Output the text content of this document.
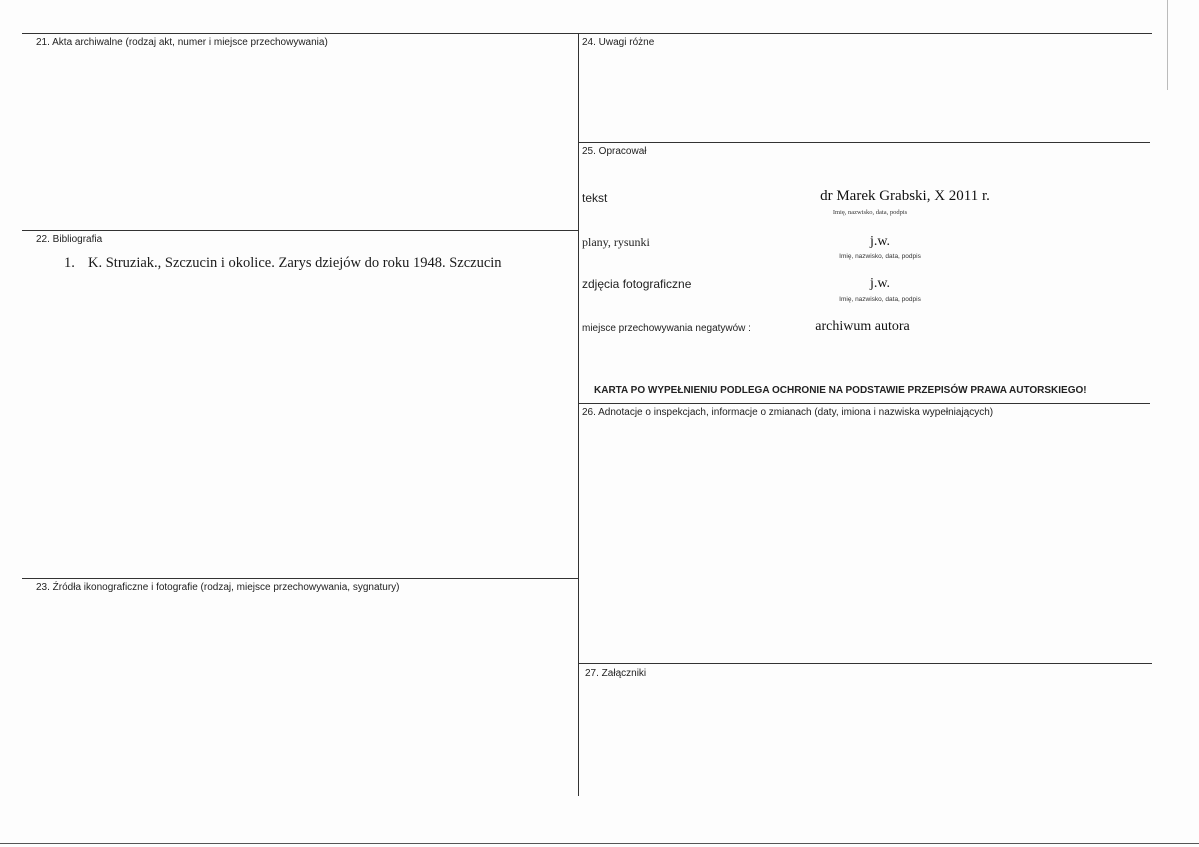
21. Akta archiwalne (rodzaj akt, numer i miejsce przechowywania)
22. Bibliografia
1. K. Struziak., Szczucin i okolice. Zarys dziejów do roku 1948. Szczucin
23. Źródła ikonograficzne i fotografie (rodzaj, miejsce przechowywania, sygnatury)
24. Uwagi różne
25. Opracował
tekst	dr Marek Grabski, X 2011 r.
Imię, nazwisko, data, podpis
plany, rysunki	j.w.
Imię, nazwisko, data, podpis
zdjęcia fotograficzne	j.w.
Imię, nazwisko, data, podpis
miejsce przechowywania negatywów :	archiwum autora
KARTA PO WYPEŁNIENIU PODLEGA OCHRONIE NA PODSTAWIE PRZEPISÓW PRAWA AUTORSKIEGO!
26. Adnotacje o inspekcjach, informacje o zmianach (daty, imiona i nazwiska wypełniających)
27. Załączniki
